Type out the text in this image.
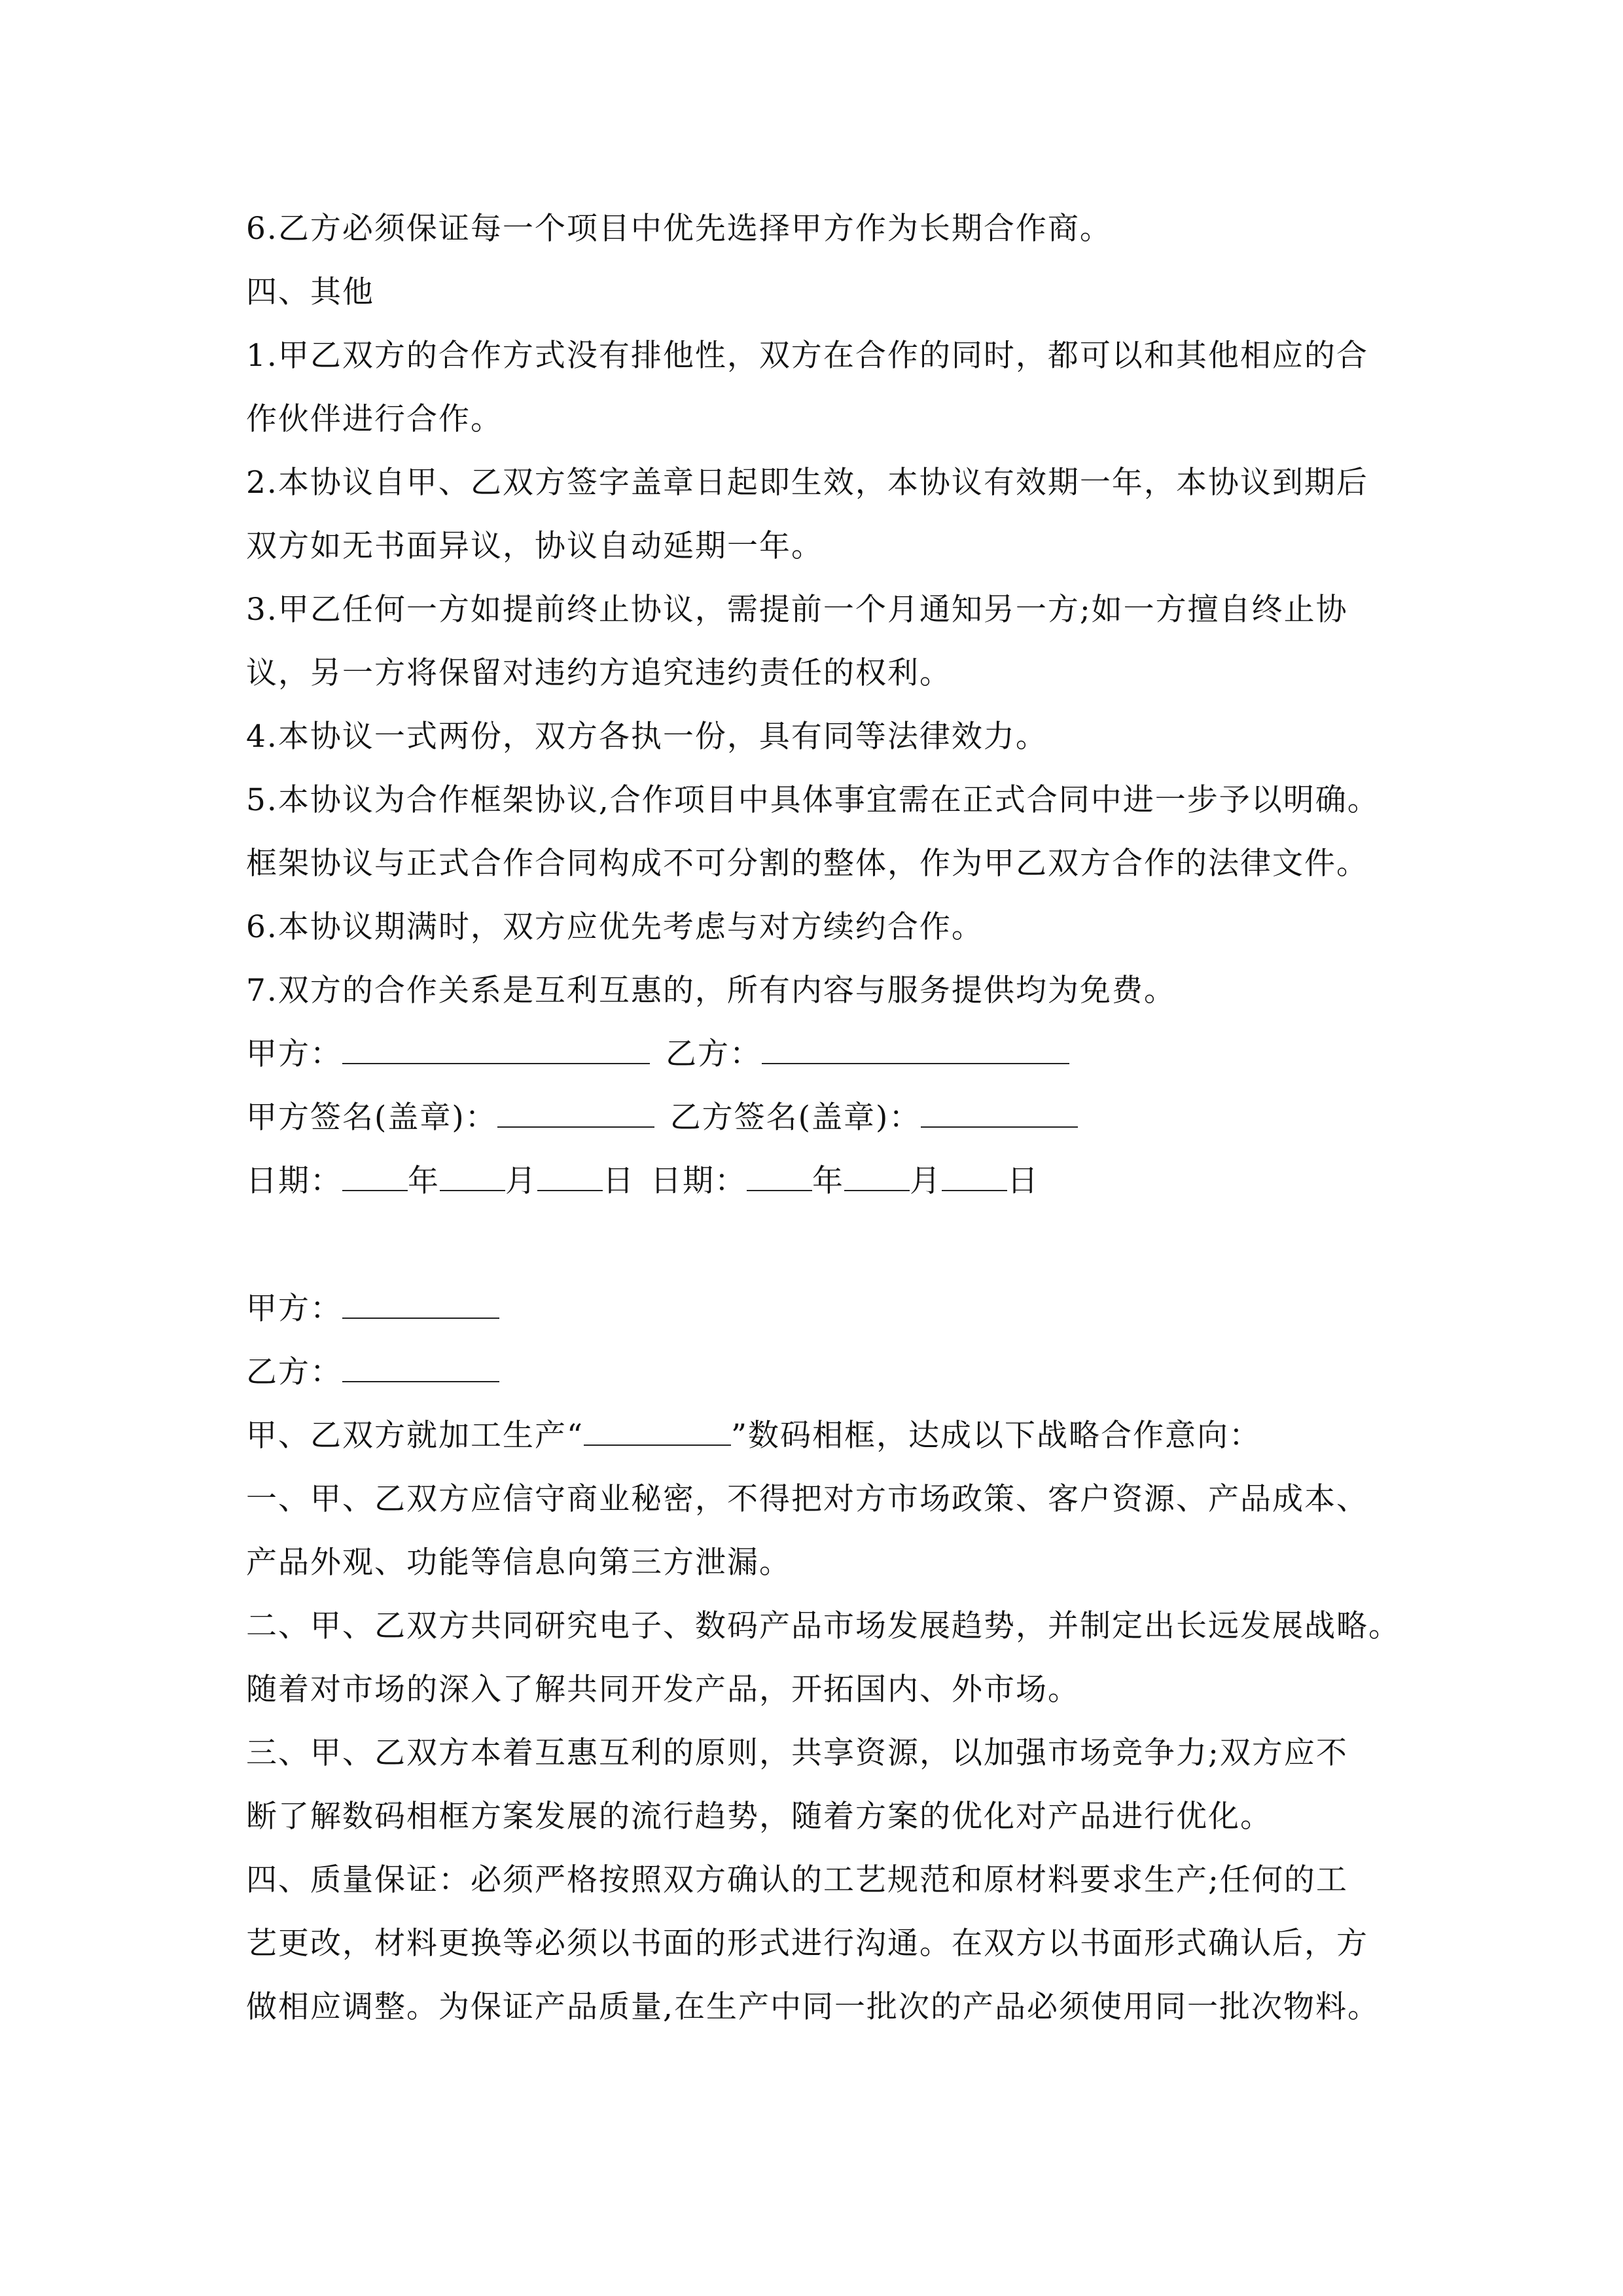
6.乙方必须保证每一个项目中优先选择甲方作为长期合作商。
四、其他
1.甲乙双方的合作方式没有排他性，双方在合作的同时，都可以和其他相应的合
作伙伴进行合作。
2.本协议自甲、乙双方签字盖章日起即生效，本协议有效期一年，本协议到期后
双方如无书面异议，协议自动延期一年。
3.甲乙任何一方如提前终止协议，需提前一个月通知另一方;如一方擅自终止协
议，另一方将保留对违约方追究违约责任的权利。
4.本协议一式两份，双方各执一份，具有同等法律效力。
5.本协议为合作框架协议,合作项目中具体事宜需在正式合同中进一步予以明确。
框架协议与正式合作合同构成不可分割的整体，作为甲乙双方合作的法律文件。
6.本协议期满时，双方应优先考虑与对方续约合作。
7.双方的合作关系是互利互惠的，所有内容与服务提供均为免费。
甲方：	乙方：
甲方签名(盖章)：	乙方签名(盖章)：
日期： 年 月 日 日期： 年 月 日
甲方：
乙方：
甲、乙双方就加工生产“	”数码相框，达成以下战略合作意向：
一、甲、乙双方应信守商业秘密，不得把对方市场政策、客户资源、产品成本、
产品外观、功能等信息向第三方泄漏。
二、甲、乙双方共同研究电子、数码产品市场发展趋势，并制定出长远发展战略。
随着对市场的深入了解共同开发产品，开拓国内、外市场。
三、甲、乙双方本着互惠互利的原则，共享资源，以加强市场竞争力;双方应不
断了解数码相框方案发展的流行趋势，随着方案的优化对产品进行优化。
四、质量保证：必须严格按照双方确认的工艺规范和原材料要求生产;任何的工
艺更改，材料更换等必须以书面的形式进行沟通。在双方以书面形式确认后，方
做相应调整。为保证产品质量,在生产中同一批次的产品必须使用同一批次物料。
